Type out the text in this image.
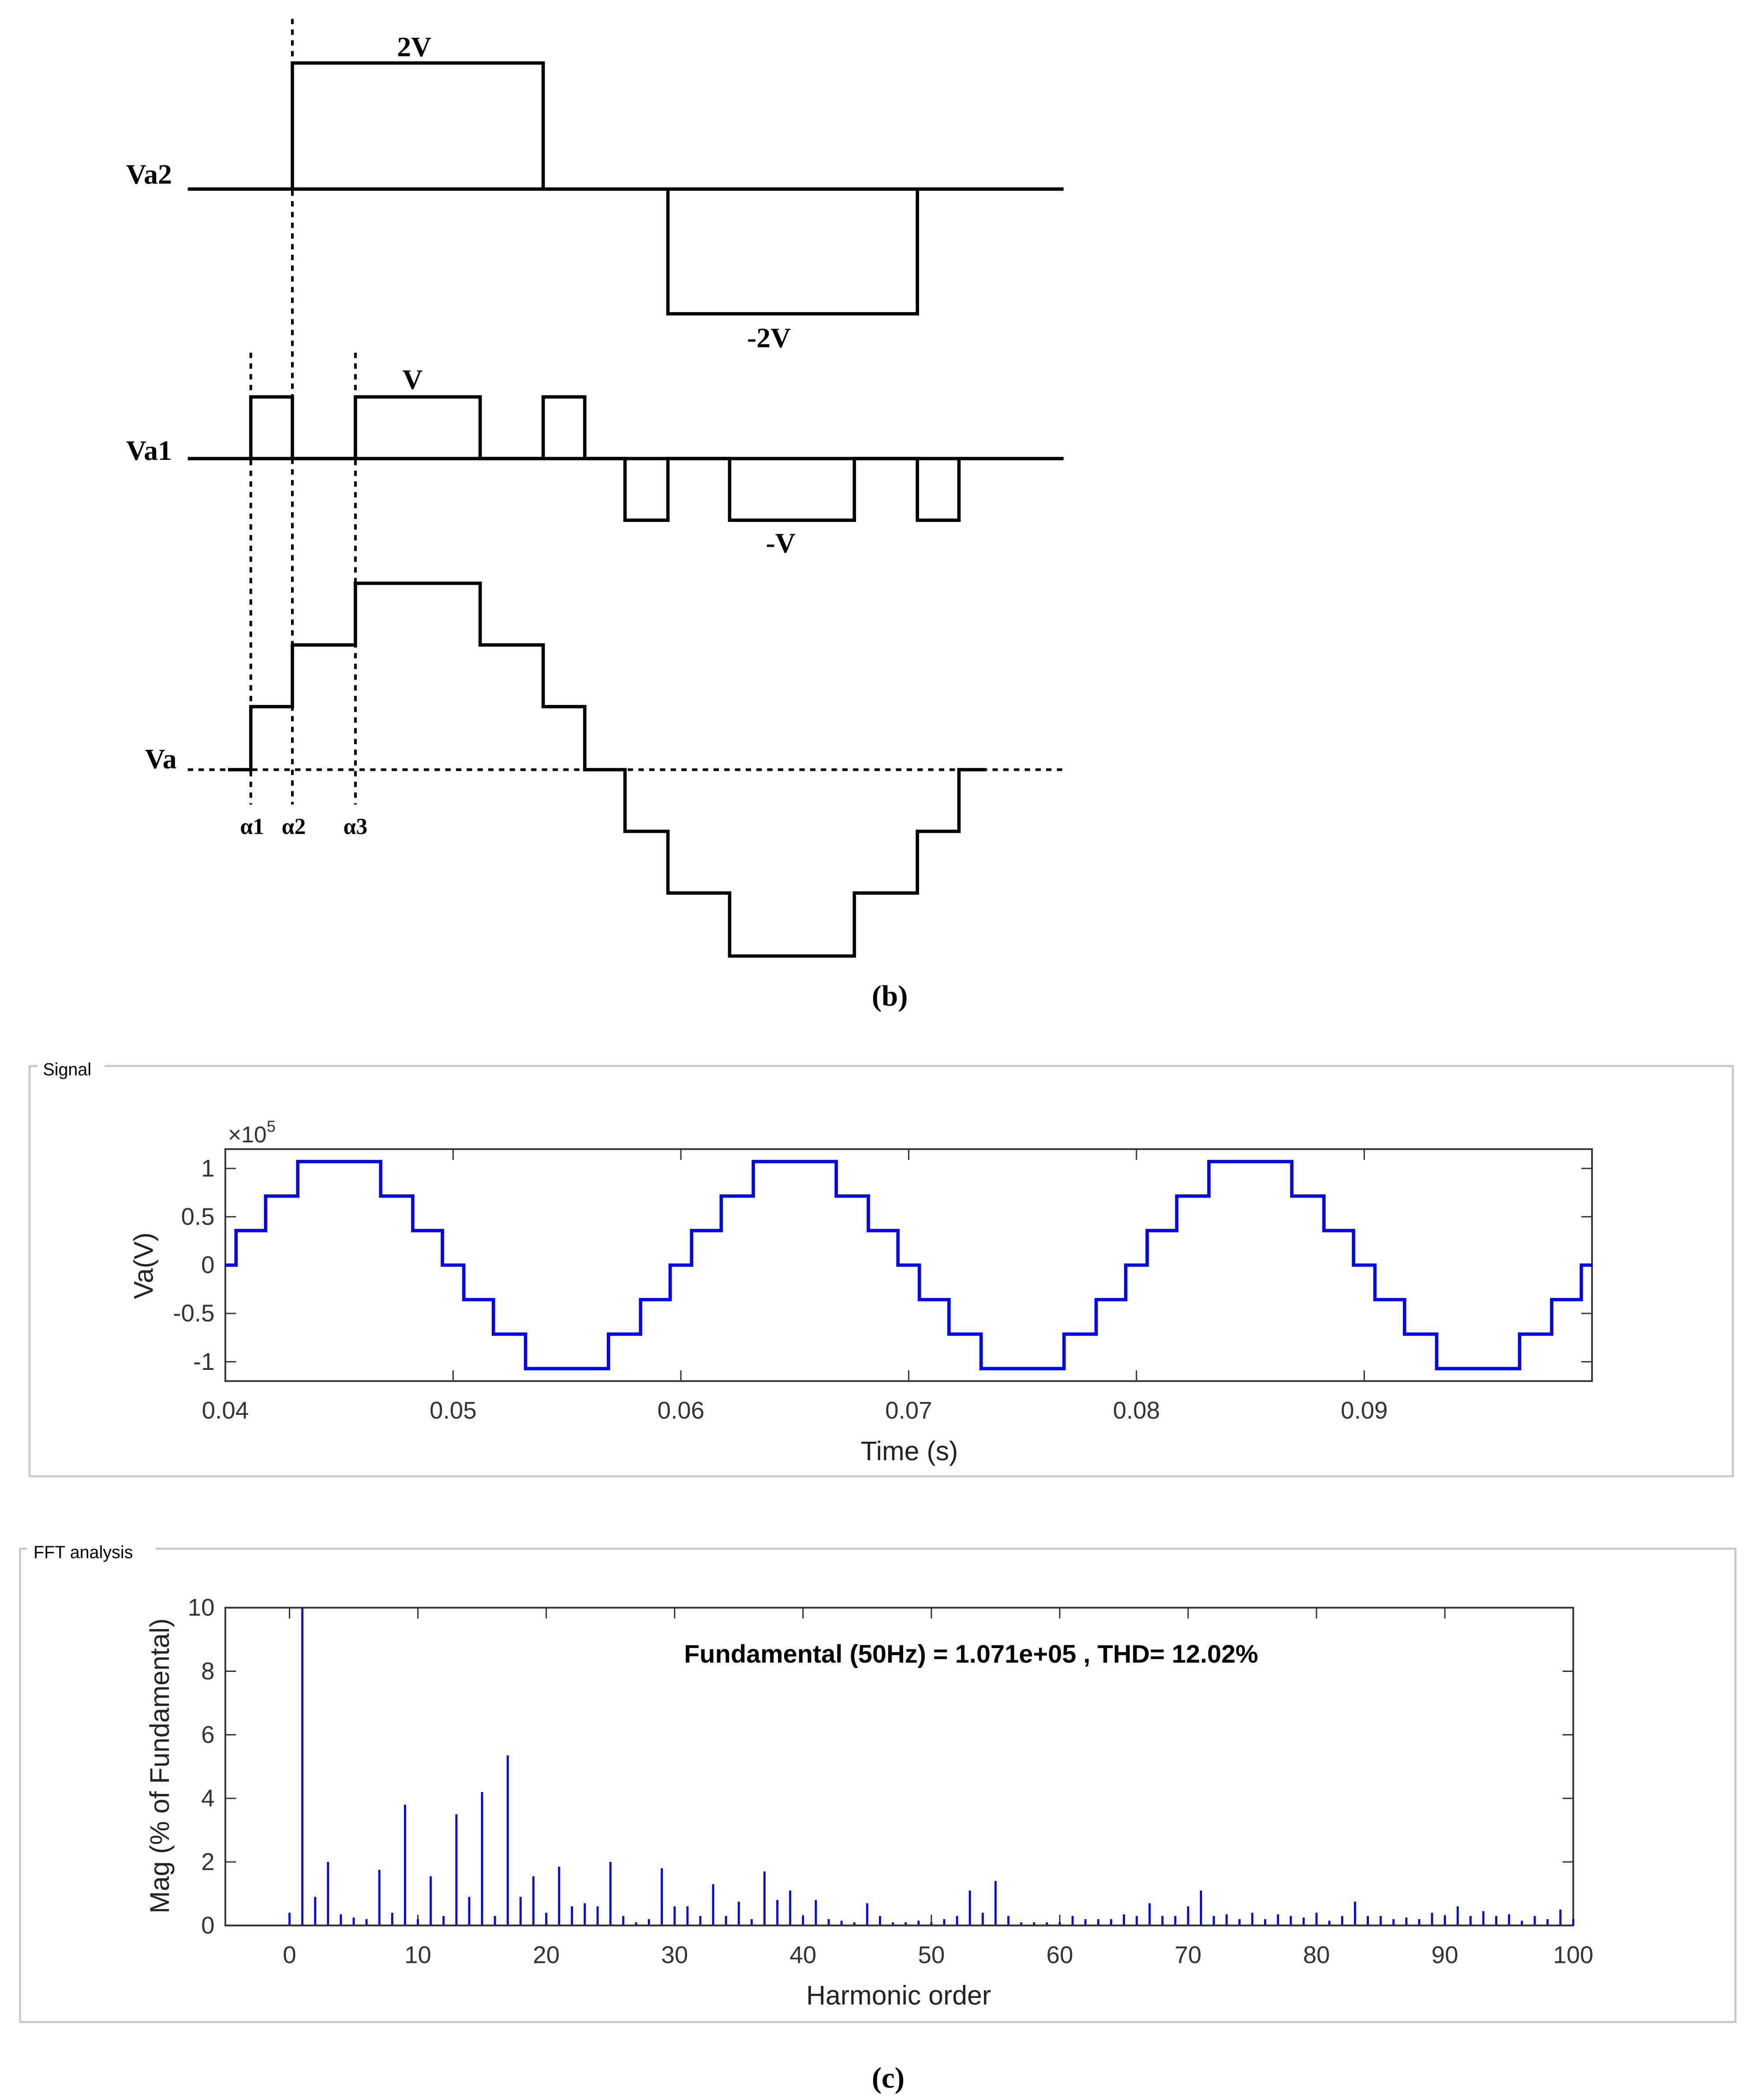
Va2
Va1
Va
2V
-2V
V
-V
α1 α2	α3
(b)
Signal
0.04	0.05	0.06	0.07	0.08	0.09
1
0.5
0
-0.5
-1
$\times 10^5$
Time (s)
Va(V)
FFT analysis
0	10	20	30	40	50	60	70	80	90	100
0
2
4
6
8
10
Fundamental (50Hz) = 1.071e+05 , THD= 12.02%
Harmonic order
Mag (% of Fundamental)
(c)
